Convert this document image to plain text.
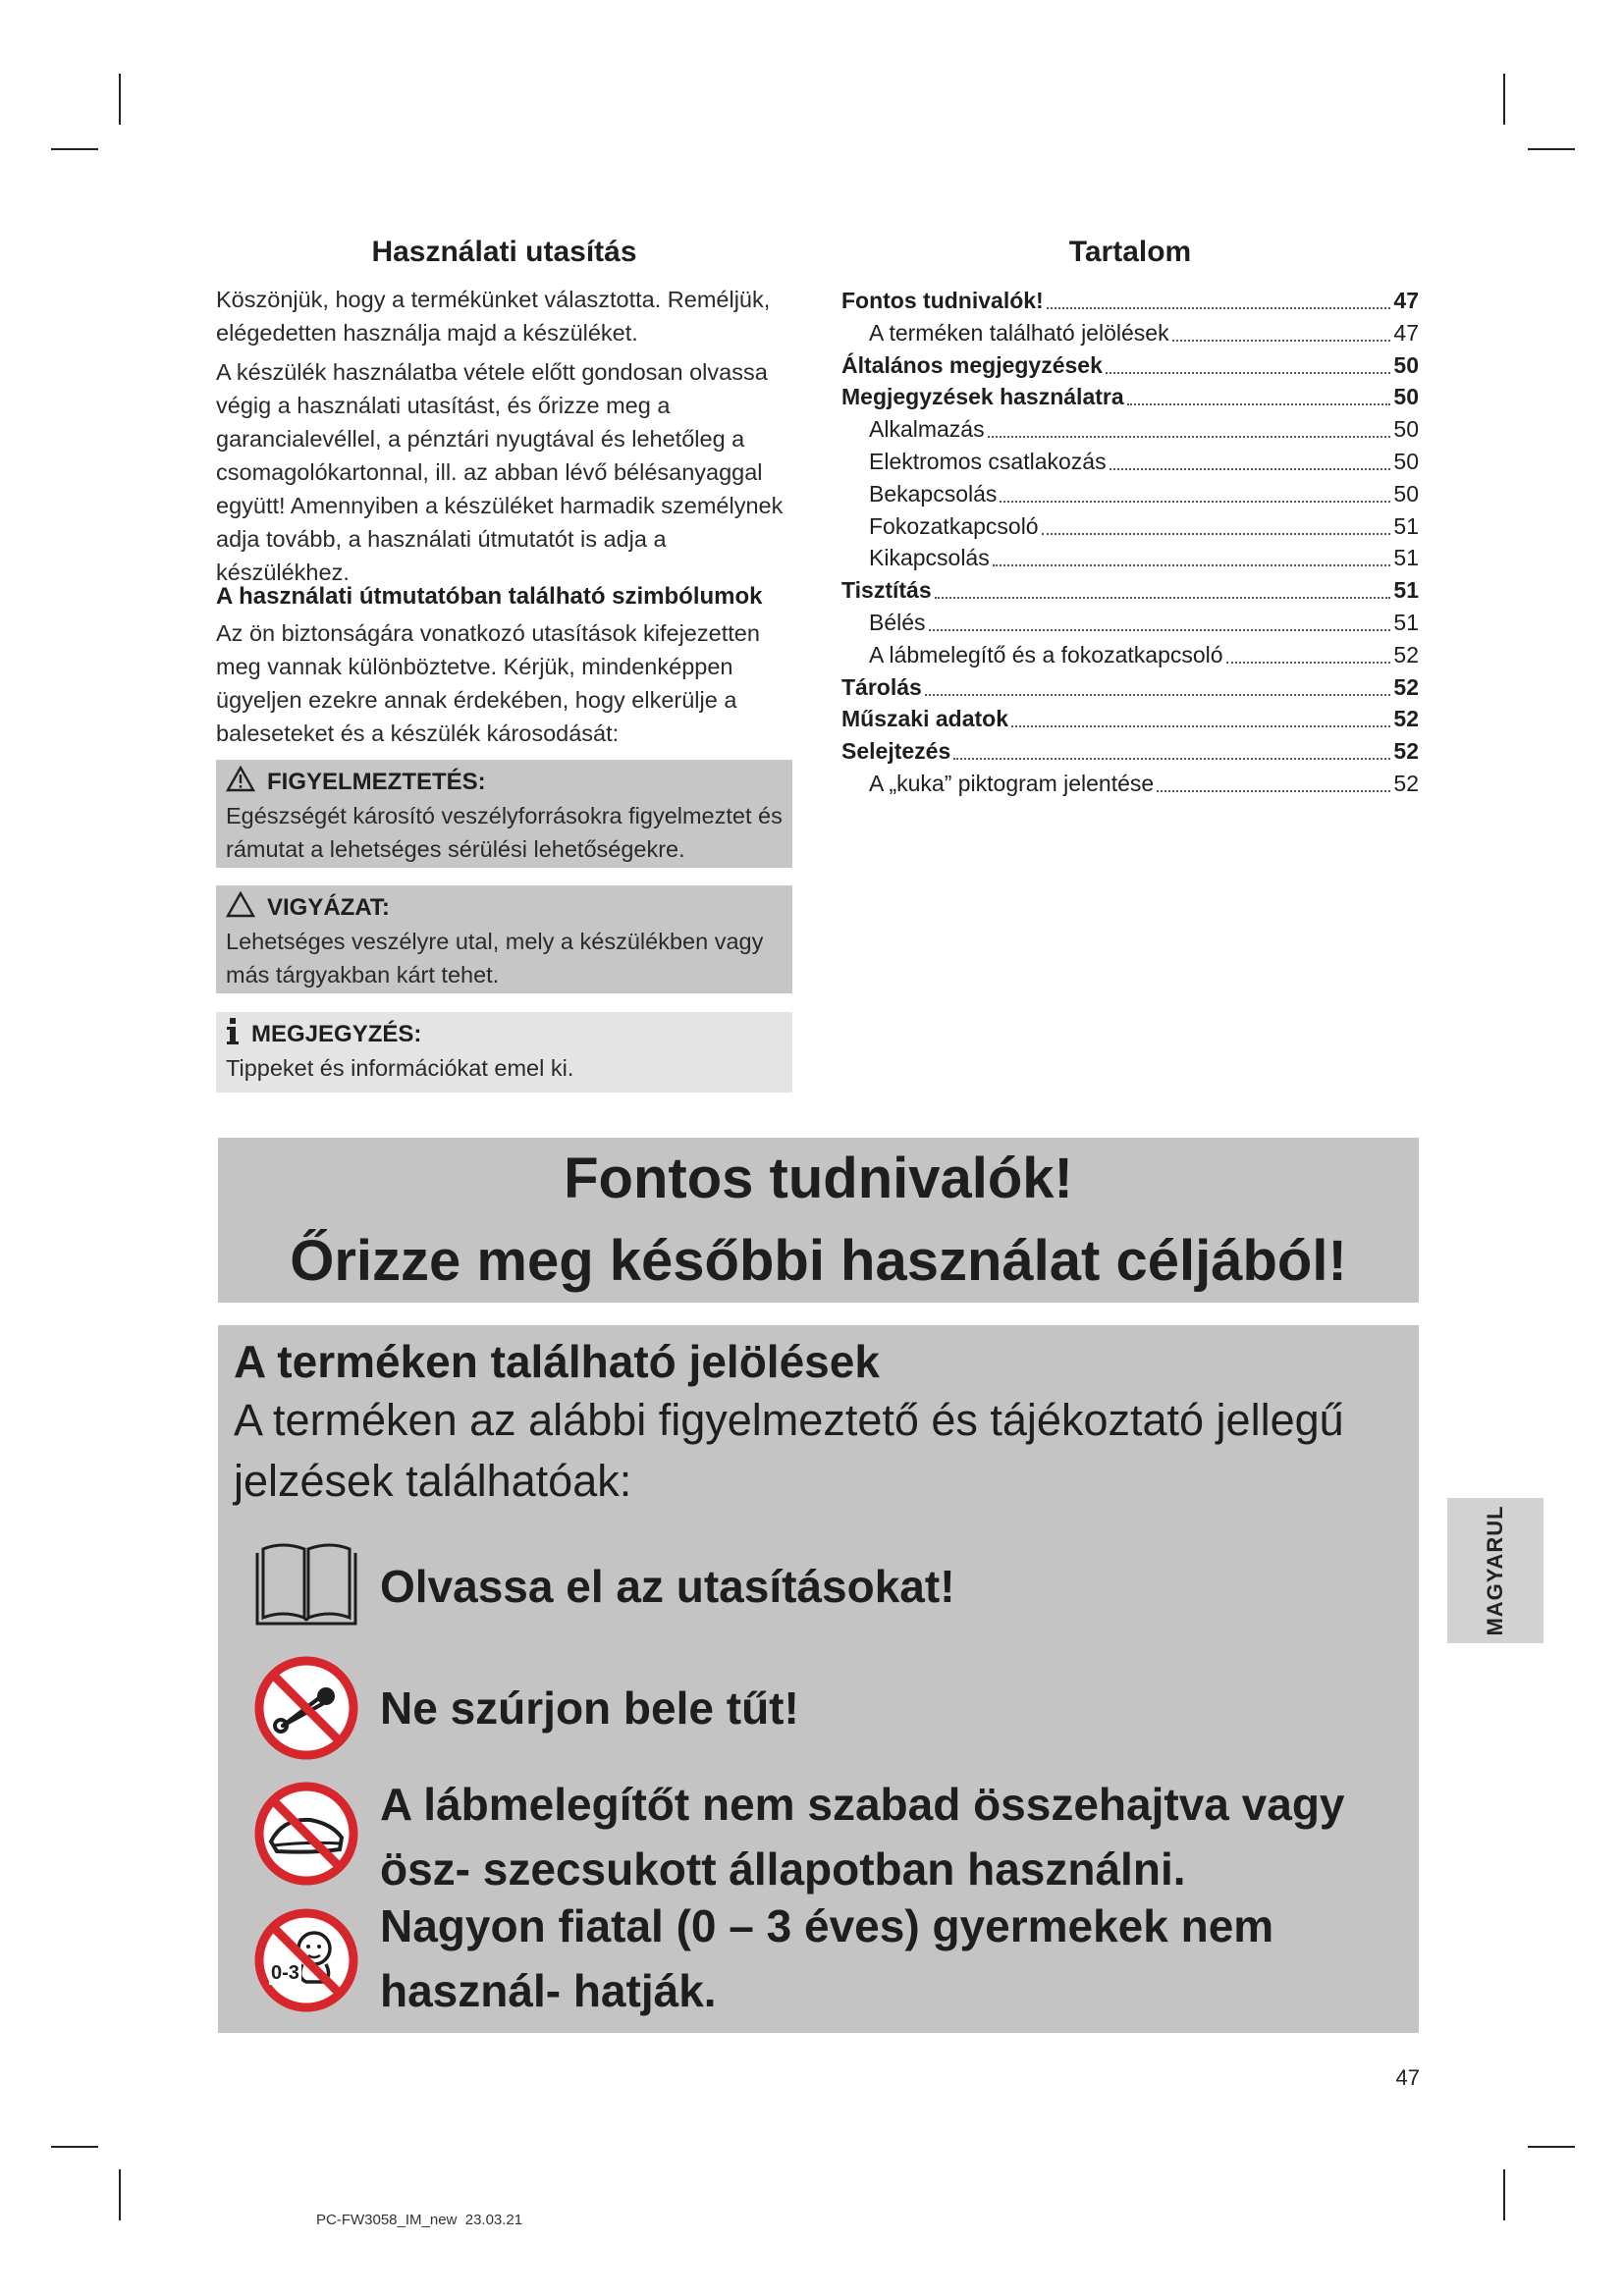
Használati utasítás

Köszönjük, hogy a termékünket választotta. Reméljük, elégedetten használja majd a készüléket.

A készülék használatba vétele előtt gondosan olvassa végig a használati utasítást, és őrizze meg a garancialevéllel, a pénztári nyugtával és lehetőleg a csomagolókartonnal, ill. az abban lévő bélésanyaggal együtt! Amennyiben a készüléket harmadik személynek adja tovább, a használati útmutatót is adja a készülékhez.

A használati útmutatóban található szimbólumok

Az ön biztonságára vonatkozó utasítások kifejezetten meg vannak különböztetve. Kérjük, mindenképpen ügyeljen ezekre annak érdekében, hogy elkerülje a baleseteket és a készülék károsodását:

FIGYELMEZTETÉS:
Egészségét károsító veszélyforrásokra figyelmeztet és rámutat a lehetséges sérülési lehetőségekre.
VIGYÁZAT:
Lehetséges veszélyre utal, mely a készülékben vagy más tárgyakban kárt tehet.
MEGJEGYZÉS:
Tippeket és információkat emel ki.
Tartalom
Fontos tudnivalók!	47
A terméken található jelölések	47
Általános megjegyzések	50
Megjegyzések használatra	50
Alkalmazás	50
Elektromos csatlakozás	50
Bekapcsolás	50
Fokozatkapcsoló	51
Kikapcsolás	51
Tisztítás	51
Bélés	51
A lábmelegítő és a fokozatkapcsoló	52
Tárolás	52
Műszaki adatok	52
Selejtezés	52
A „kuka” piktogram jelentése	52
Fontos tudnivalók!
Őrizze meg későbbi használat céljából!
A terméken található jelölések
A terméken az alábbi figyelmeztető és tájékoztató jellegű jelzések találhatóak:
Olvassa el az utasításokat!
Ne szúrjon bele tűt!
A lábmelegítőt nem szabad összehajtva vagy ösz- szecsukott állapotban használni.
0-3
Nagyon fiatal (0 – 3 éves) gyermekek nem használ- hatják.
MAGYARUL
47
PC-FW3058_IM_new  23.03.21
